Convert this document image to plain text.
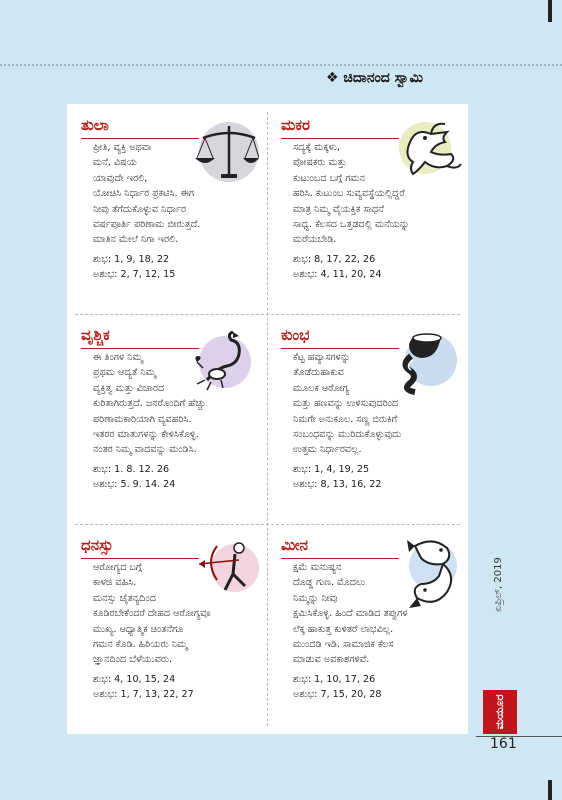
❖ ಚಿದಾನಂದ ಸ್ವಾಮಿ
ತುಲಾ
ಪ್ರೀತಿ, ವ್ಯಕ್ತಿ ಅಥವಾ
ಮನೆ, ವಿಷಯ
ಯಾವುದೇ ಇರಲಿ,
ಯೋಚಿಸಿ ನಿರ್ಧಾರ ಪ್ರಕಟಿಸಿ. ಈಗ
ನೀವು ತೆಗೆದುಕೊಳ್ಳುವ ನಿರ್ಧಾರ
ವರ್ಷಪೂರ್ತಿ ಪರಿಣಾಮ ಬೀರುತ್ತದೆ.
ಮಾತಿನ ಮೇಲೆ ನಿಗಾ ಇರಲಿ.
ಶುಭ: 1, 9, 18, 22
ಅಶುಭ: 2, 7, 12, 15
ಮಕರ
ಸದ್ಯಕ್ಕೆ ಮಕ್ಕಳು,
ಪೋಷಕರು ಮತ್ತು
ಕುಟುಂಬದ ಬಗ್ಗೆ ಗಮನ
ಹರಿಸಿ. ಕುಟುಂಬ ಸುವ್ಯವಸ್ಥೆಯಲ್ಲಿದ್ದರೆ
ಮಾತ್ರ ನಿಮ್ಮ ವೈಯಕ್ತಿಕ ಸಾಧನೆ
ಸಾಧ್ಯ. ಕೆಲಸದ ಒತ್ತಡದಲ್ಲಿ ಮನೆಯನ್ನು
ಮರೆಯಬೇಡಿ.
ಶುಭ: 8, 17, 22, 26
ಅಶುಭ: 4, 11, 20, 24
ವೃಶ್ಚಿಕ
ಈ ತಿಂಗಳ ನಿಮ್ಮ
ಪ್ರಥಮ ಆದ್ಯತೆ ನಿಮ್ಮ
ವ್ಯಕ್ತಿತ್ವ ಮತ್ತು ವಿಚಾರದ
ಕುರಿತಾಗಿರುತ್ತದೆ. ಜನರೊಂದಿಗೆ ಹೆಚ್ಚು
ಪರಿಣಾಮಕಾರಿಯಾಗಿ ವ್ಯವಹರಿಸಿ.
ಇತರರ ಮಾತುಗಳನ್ನು ಕೇಳಿಸಿಕೊಳ್ಳಿ.
ನಂತರ ನಿಮ್ಮ ವಾದವನ್ನು ಮಂಡಿಸಿ.
ಶುಭ: 1. 8. 12. 26
ಅಶುಭ: 5. 9. 14. 24
ಕುಂಭ
ಕೆಟ್ಟ ಹವ್ಯಾಸಗಳನ್ನು
ತೊಡೆದುಹಾಕುವ
ಮೂಲಕ ಆರೋಗ್ಯ
ಮತ್ತು ಹಣವನ್ನು ಉಳಿಸುವುದರಿಂದ
ನಿಮಗೇ ಅನುಕೂಲ. ಸಣ್ಣ ಬಿರುಕಿಗೆ
ಸಂಬಂಧವನ್ನು ಮುರಿದುಕೊಳ್ಳುವುದು
ಉತ್ತಮ ನಿರ್ಧಾರವಲ್ಲ.
ಶುಭ: 1, 4, 19, 25
ಅಶುಭ: 8, 13, 16, 22
ಧನಸ್ಸು
ಆರೋಗ್ಯದ ಬಗ್ಗೆ
ಕಾಳಜಿ ವಹಿಸಿ.
ಮನಸ್ಸು ಚೈತನ್ಯದಿಂದ
ಕೂಡಿರಬೇಕೆಂದರೆ ದೇಹದ ಆರೋಗ್ಯವೂ
ಮುಖ್ಯ. ಆಧ್ಯಾತ್ಮಿಕ ಚಿಂತನೆಗೂ
ಗಮನ ಕೊಡಿ. ಹಿರಿಯರು ನಿಮ್ಮ
ಜ್ಞಾನದಿಂದ ಬೆಳೆಯುವರು.
ಶುಭ: 4, 10, 15, 24
ಅಶುಭ: 1, 7, 13, 22, 27
ಮೀನ
ಕ್ಷಮೆ ಮನುಷ್ಯನ
ದೊಡ್ಡ ಗುಣ. ಮೊದಲು
ನಿಮ್ಮನ್ನು ನೀವು
ಕ್ಷಮಿಸಿಕೊಳ್ಳಿ. ಹಿಂದೆ ಮಾಡಿದ ತಪ್ಪುಗಳ
ಲೆಕ್ಕ ಹಾಕುತ್ತ ಕುಳಿತರೆ ಲಾಭವಿಲ್ಲ.
ಮುಂದಡಿ ಇಡಿ. ಸಾಮಾಜಿಕ ಕೆಲಸ
ಮಾಡುವ ಅವಕಾಶಗಳಿವೆ.
ಶುಭ: 1, 10, 17, 26
ಅಶುಭ: 7, 15, 20, 28
ಏಪ್ರಿಲ್, 2019
ಮಯೂರ
161
